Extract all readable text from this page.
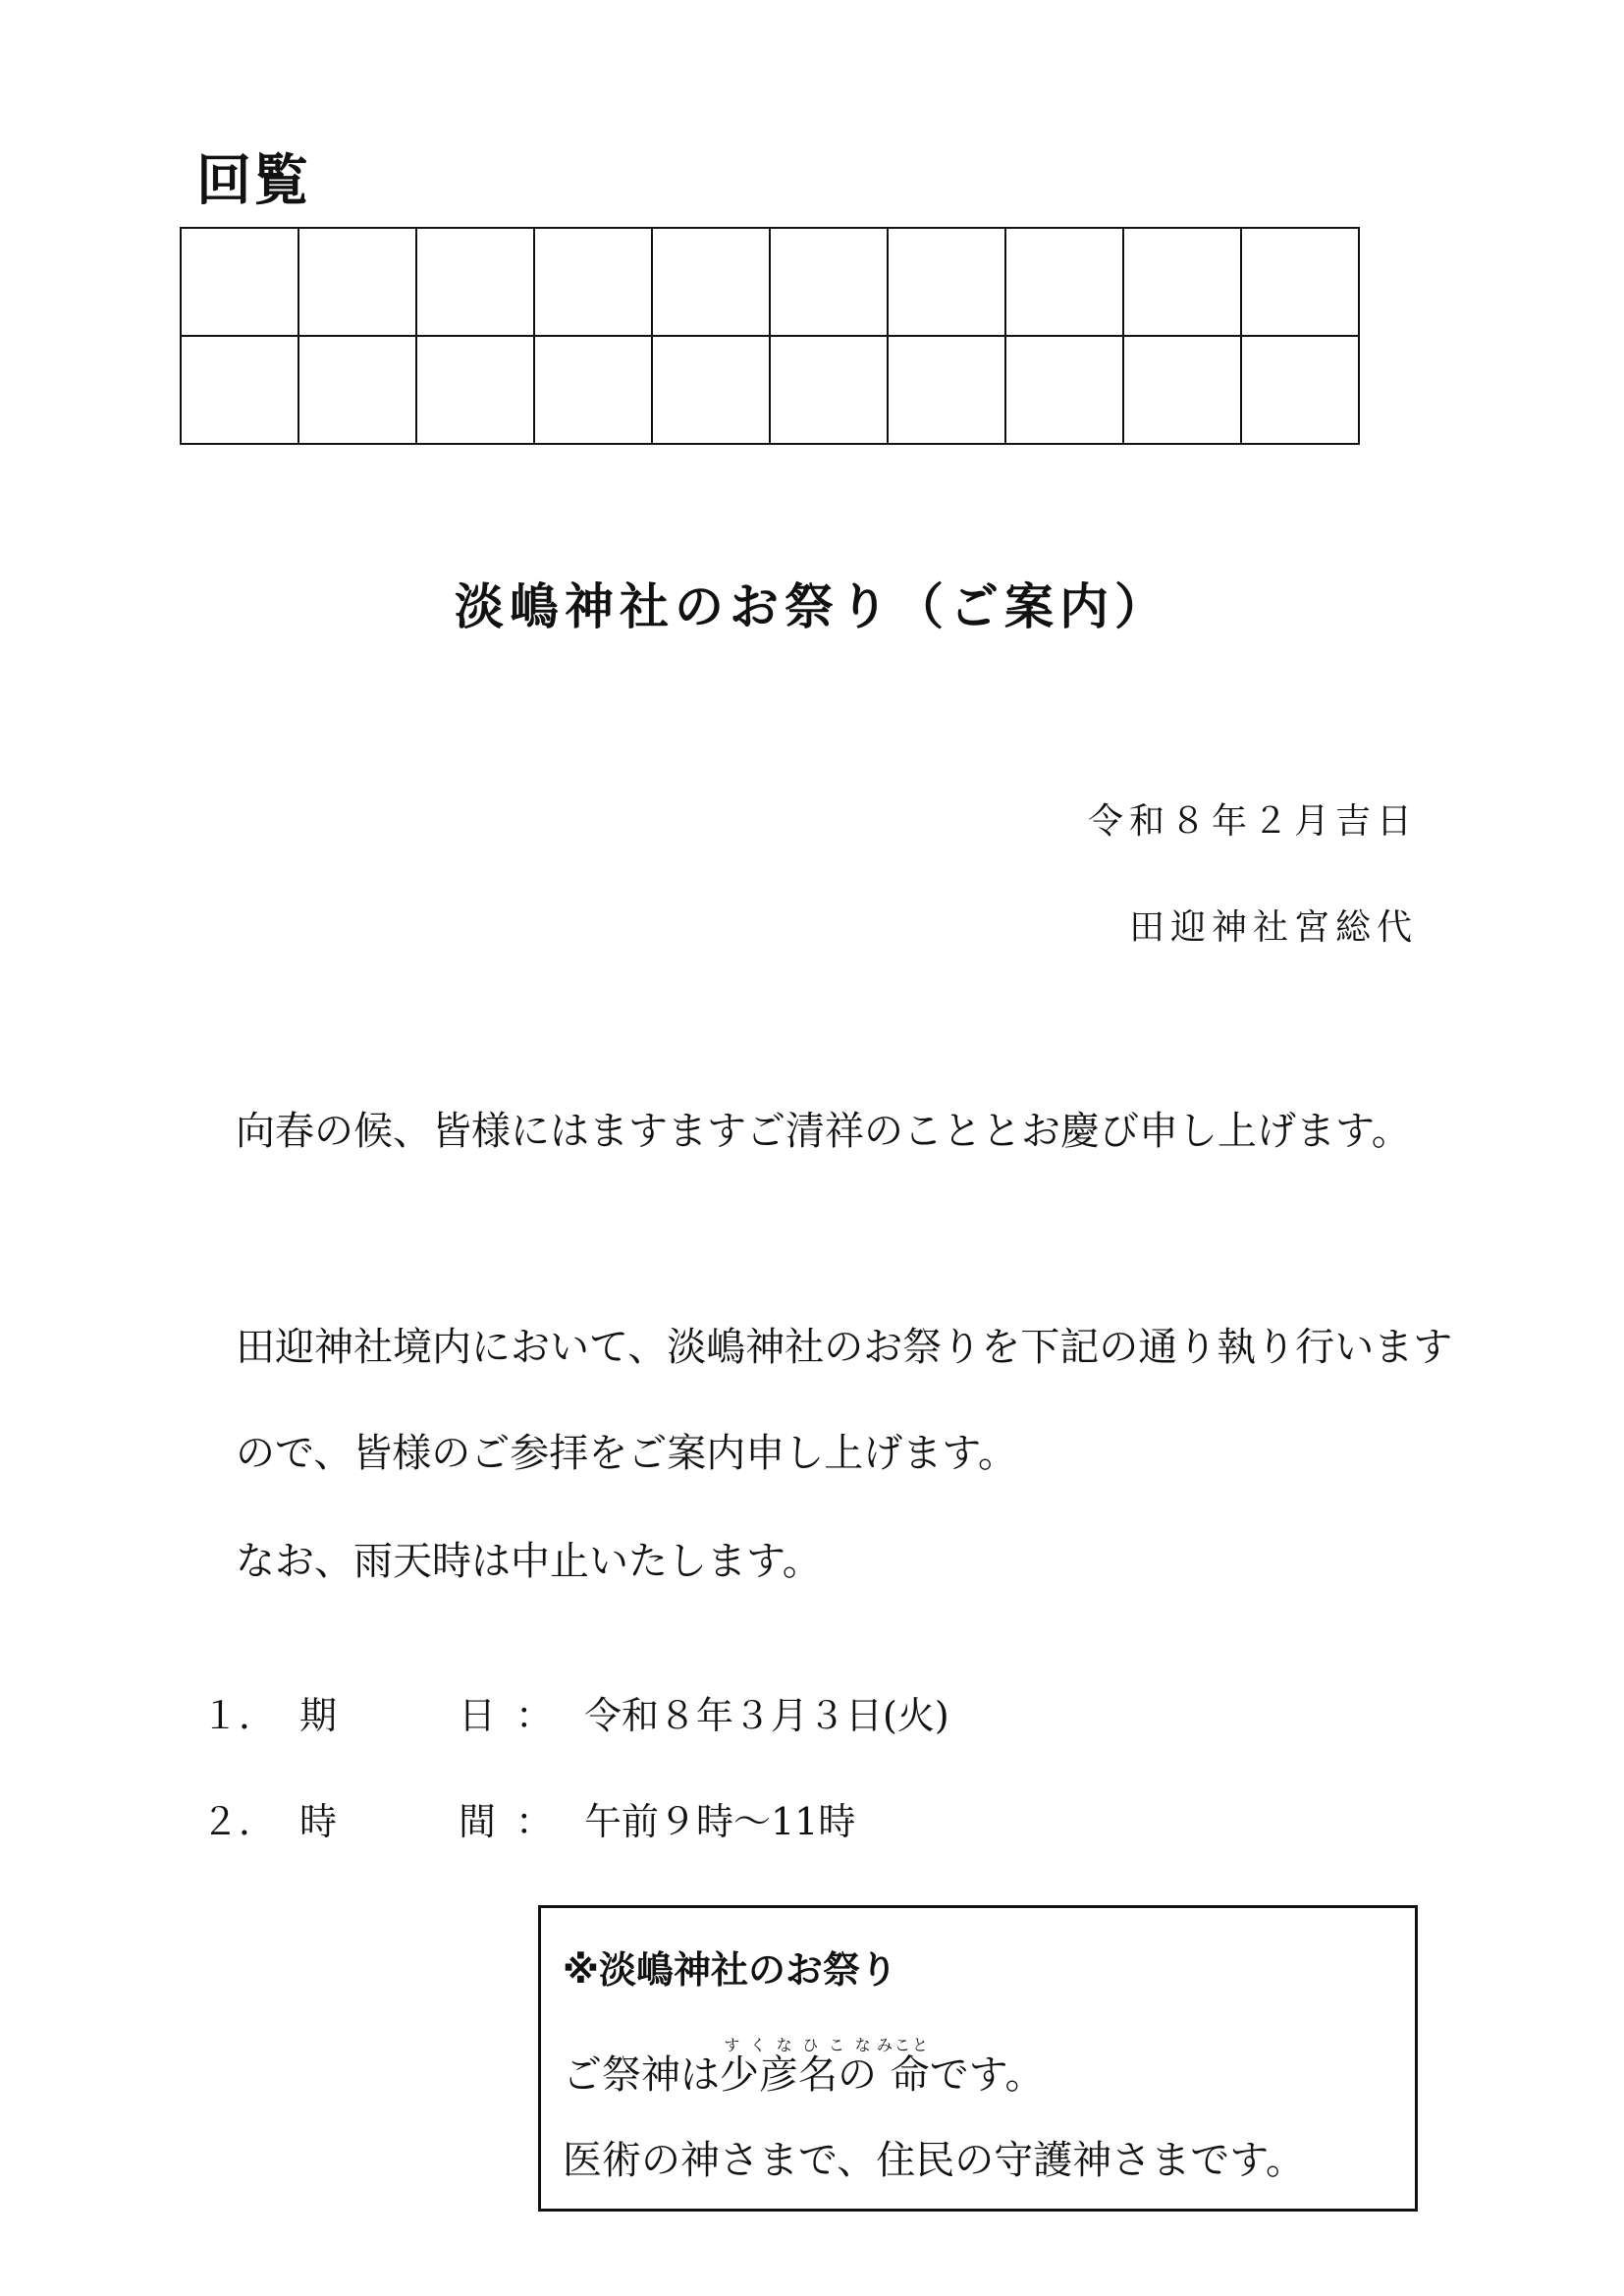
回覧

淡嶋神社のお祭り（ご案内）
令和８年２月吉日
田迎神社宮総代
向春の候、皆様にはますますご清祥のこととお慶び申し上げます。
田迎神社境内において、淡嶋神社のお祭りを下記の通り執り行いますので、皆様のご参拝をご案内申し上げます。
なお、雨天時は中止いたします。
１． 期	日 ： 令和８年３月３日(火)
２． 時	間 ： 午前９時～11時
※淡嶋神社のお祭り
ご祭神は少彦名のすくなひこな 命みことです。
医術の神さまで、住民の守護神さまです。
